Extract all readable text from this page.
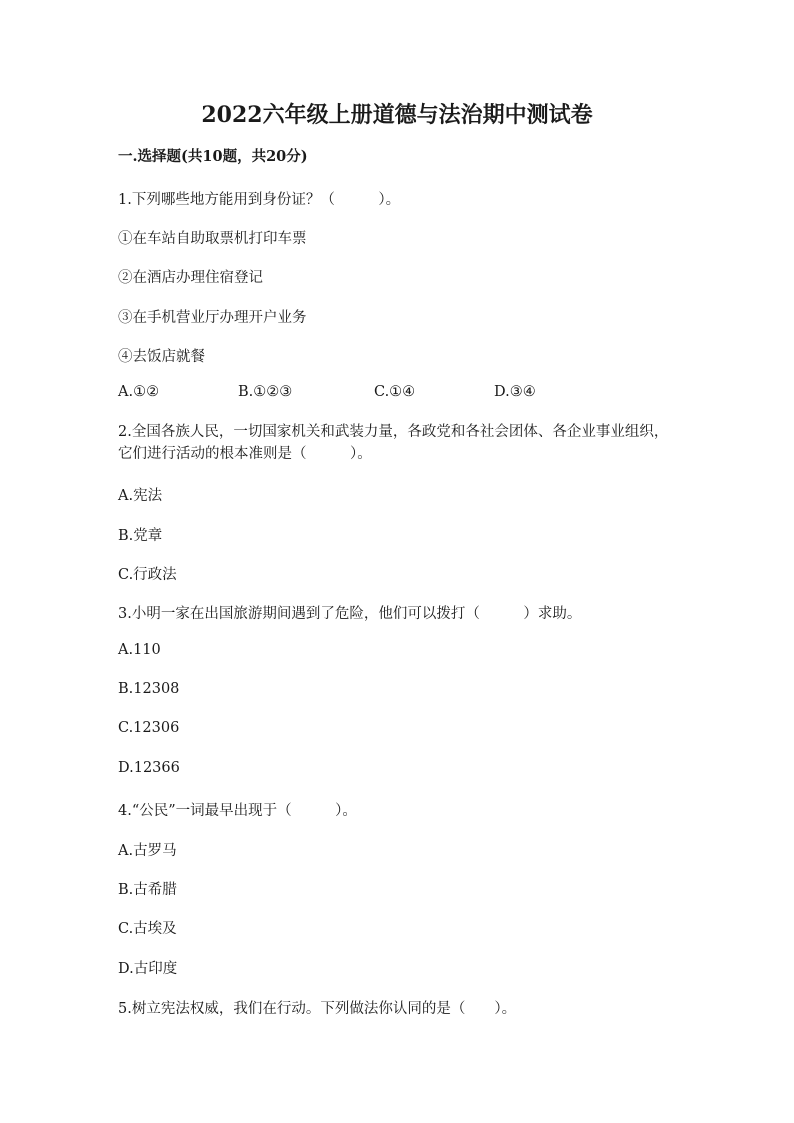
2022六年级上册道德与法治期中测试卷
一.选择题(共10题，共20分)
1.下列哪些地方能用到身份证？（　　　）。
①在车站自助取票机打印车票
②在酒店办理住宿登记
③在手机营业厅办理开户业务
④去饭店就餐
A.①②	B.①②③	C.①④	D.③④
2.全国各族人民，一切国家机关和武装力量，各政党和各社会团体、各企业事业组织，它们进行活动的根本准则是（　　　）。
A.宪法
B.党章
C.行政法
3.小明一家在出国旅游期间遇到了危险，他们可以拨打（　　　）求助。
A.110
B.12308
C.12306
D.12366
4.“公民”一词最早出现于（　　　）。
A.古罗马
B.古希腊
C.古埃及
D.古印度
5.树立宪法权威，我们在行动。下列做法你认同的是（　　）。
